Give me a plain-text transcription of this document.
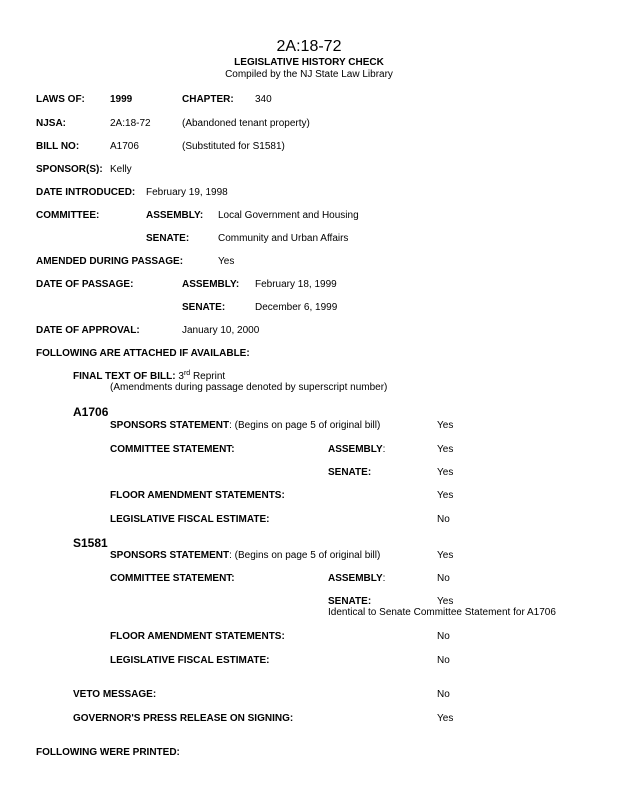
2A:18-72
LEGISLATIVE HISTORY CHECK
Compiled by the NJ State Law Library
LAWS OF:	1999	CHAPTER: 340
NJSA:	2A:18-72	(Abandoned tenant property)
BILL NO:	A1706	(Substituted for S1581)
SPONSOR(S): Kelly
DATE INTRODUCED: February 19, 1998
COMMITTEE:	ASSEMBLY: Local Government and Housing
SENATE:	Community and Urban Affairs
AMENDED DURING PASSAGE:	Yes
DATE OF PASSAGE:	ASSEMBLY: February 18, 1999
SENATE:	December 6, 1999
DATE OF APPROVAL:	January 10, 2000
FOLLOWING ARE ATTACHED IF AVAILABLE:
FINAL TEXT OF BILL: 3rd Reprint
(Amendments during passage denoted by superscript number)
A1706
SPONSORS STATEMENT: (Begins on page 5 of original bill)	Yes
COMMITTEE STATEMENT:	ASSEMBLY:	Yes
SENATE:	Yes
FLOOR AMENDMENT STATEMENTS:	Yes
LEGISLATIVE FISCAL ESTIMATE:	No
S1581
SPONSORS STATEMENT: (Begins on page 5 of original bill)	Yes
COMMITTEE STATEMENT:	ASSEMBLY:	No
SENATE:	Yes
Identical to Senate Committee Statement for A1706
FLOOR AMENDMENT STATEMENTS:	No
LEGISLATIVE FISCAL ESTIMATE:	No
VETO MESSAGE:	No
GOVERNOR'S PRESS RELEASE ON SIGNING:	Yes
FOLLOWING WERE PRINTED:
